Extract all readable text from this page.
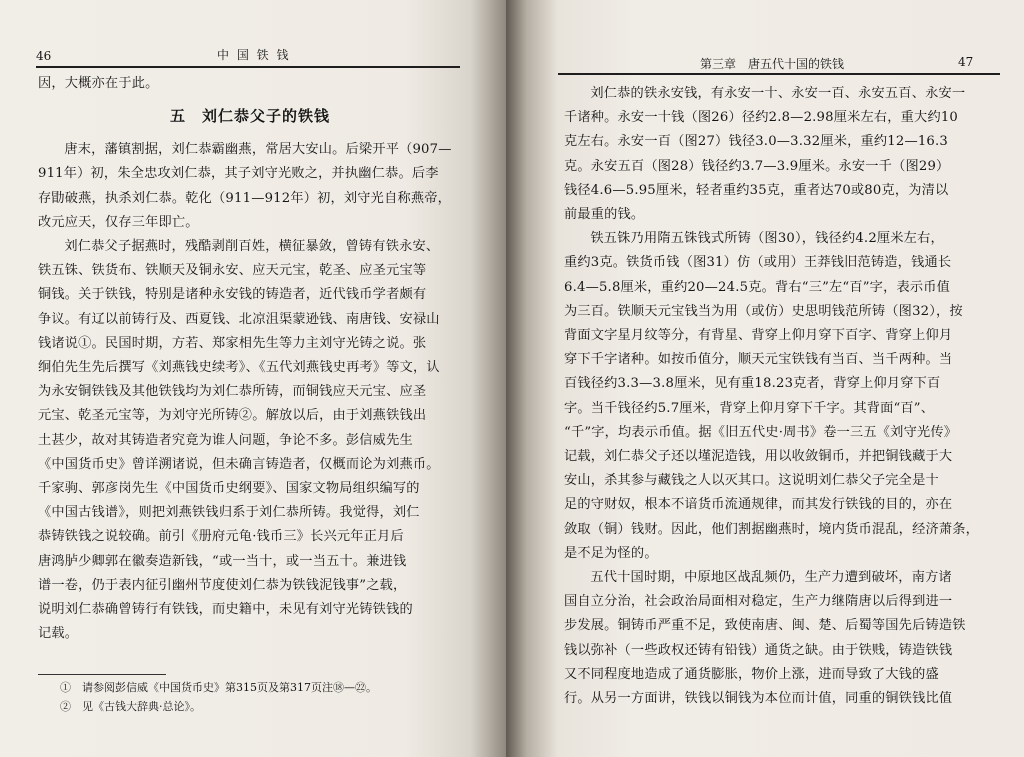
46	中 国 铁 钱

因，大概亦在于此。

五　刘仁恭父子的铁钱

唐末，藩镇割据，刘仁恭霸幽燕，常居大安山。后梁开平（907—

911年）初，朱全忠攻刘仁恭，其子刘守光败之，并执幽仁恭。后李

存勖破燕，执杀刘仁恭。乾化（911—912年）初，刘守光自称燕帝，

改元应天，仅存三年即亡。

刘仁恭父子据燕时，残酷剥削百姓，横征暴敛，曾铸有铁永安、

铁五铢、铁货布、铁顺天及铜永安、应天元宝，乾圣、应圣元宝等

铜钱。关于铁钱，特别是诸种永安钱的铸造者，近代钱币学者颇有

争议。有辽以前铸行及、西夏钱、北凉沮渠蒙逊钱、南唐钱、安禄山

钱诸说①。民国时期，方若、郑家相先生等力主刘守光铸之说。张

䌹伯先生先后撰写《刘燕钱史续考》、《五代刘燕钱史再考》等文，认

为永安铜铁钱及其他铁钱均为刘仁恭所铸，而铜钱应天元宝、应圣

元宝、乾圣元宝等，为刘守光所铸②。解放以后，由于刘燕铁钱出

土甚少，故对其铸造者究竟为谁人问题，争论不多。彭信威先生

《中国货币史》曾详溯诸说，但未确言铸造者，仅概而论为刘燕币。

千家驹、郭彦岗先生《中国货币史纲要》、国家文物局组织编写的

《中国古钱谱》，则把刘燕铁钱归系于刘仁恭所铸。我觉得，刘仁

恭铸铁钱之说较确。前引《册府元龟·钱币三》长兴元年正月后

唐鸿胪少卿郭在徽奏造新钱，“或一当十，或一当五十。兼进钱

谱一卷，仍于表内征引幽州节度使刘仁恭为铁钱泥钱事”之载，

说明刘仁恭确曾铸行有铁钱，而史籍中，未见有刘守光铸铁钱的

记载。

①　请参阅彭信威《中国货币史》第315页及第317页注⑱—㉒。
②　见《古钱大辞典·总论》。
第三章　唐五代十国的铁钱	47

刘仁恭的铁永安钱，有永安一十、永安一百、永安五百、永安一

千诸种。永安一十钱（图26）径约2.8—2.98厘米左右，重大约10

克左右。永安一百（图27）钱径3.0—3.32厘米，重约12—16.3

克。永安五百（图28）钱径约3.7—3.9厘米。永安一千（图29）

钱径4.6—5.95厘米，轻者重约35克，重者达70或80克，为清以

前最重的钱。

铁五铢乃用隋五铢钱式所铸（图30），钱径约4.2厘米左右，

重约3克。铁货币钱（图31）仿（或用）王莽钱旧范铸造，钱通长

6.4—5.8厘米，重约20—24.5克。背右“三”左“百”字，表示币值

为三百。铁顺天元宝钱当为用（或仿）史思明钱范所铸（图32），按

背面文字星月纹等分，有背星、背穿上仰月穿下百字、背穿上仰月

穿下千字诸种。如按币值分，顺天元宝铁钱有当百、当千两种。当

百钱径约3.3—3.8厘米，见有重18.23克者，背穿上仰月穿下百

字。当千钱径约5.7厘米，背穿上仰月穿下千字。其背面“百”、

“千”字，均表示币值。据《旧五代史·周书》卷一三五《刘守光传》

记载，刘仁恭父子还以墐泥造钱，用以收敛铜币，并把铜钱藏于大

安山，杀其参与藏钱之人以灭其口。这说明刘仁恭父子完全是十

足的守财奴，根本不谙货币流通规律，而其发行铁钱的目的，亦在

敛取（铜）钱财。因此，他们割据幽燕时，境内货币混乱，经济萧条，

是不足为怪的。

五代十国时期，中原地区战乱频仍，生产力遭到破坏，南方诸

国自立分治，社会政治局面相对稳定，生产力继隋唐以后得到进一

步发展。铜铸币严重不足，致使南唐、闽、楚、后蜀等国先后铸造铁

钱以弥补（一些政权还铸有铅钱）通货之缺。由于铁贱，铸造铁钱

又不同程度地造成了通货膨胀，物价上涨，进而导致了大钱的盛

行。从另一方面讲，铁钱以铜钱为本位而计值，同重的铜铁钱比值
